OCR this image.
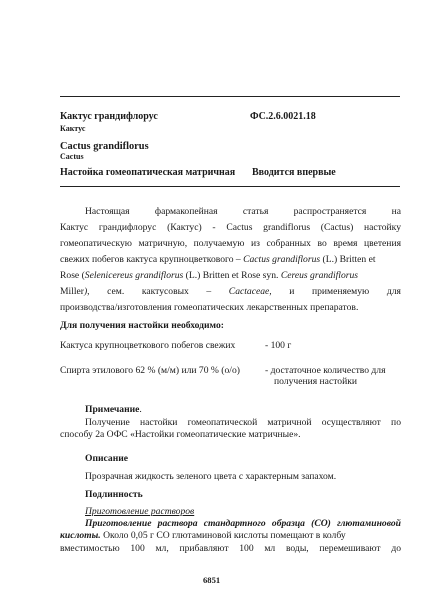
Кактус грандифлорус	ФС.2.6.0021.18
Кактус
Cactus grandiflorus
Cactus
Настойка гомеопатическая матричная Вводится впервые
Настоящая	фармакопейная	статья	распространяется	на
Кактус грандифлорус (Кактус) - Cactus grandiflorus (Cactus) настойку
гомеопатическую матричную, получаемую из собранных во время цветения
свежих побегов кактуса крупноцветкового – Cactus grandiflorus (L.) Britten et
Rose (Selenicereus grandiflorus (L.) Britten et Rose syn. Cereus grandiflorus
Miller), сем. кактусовых – Cactaceae, и применяемую для
производства/изготовления гомеопатических лекарственных препаратов.
Для получения настойки необходимо:
Кактуса крупноцветкового побегов свежих	- 100 г
Спирта этилового 62 % (м/м) или 70 % (о/о)	- достаточное количество для
получения настойки
Примечание.
Получение настойки гомеопатической матричной осуществляют по
способу 2а ОФС «Настойки гомеопатические матричные».
Описание
Прозрачная жидкость зеленого цвета с характерным запахом.
Подлинность
Приготовление растворов
Приготовление раствора стандартного образца (СО) глютаминовой
кислоты. Около 0,05 г СО глютаминовой кислоты помещают в колбу
вместимостью 100 мл, прибавляют 100 мл воды, перемешивают до
6851
